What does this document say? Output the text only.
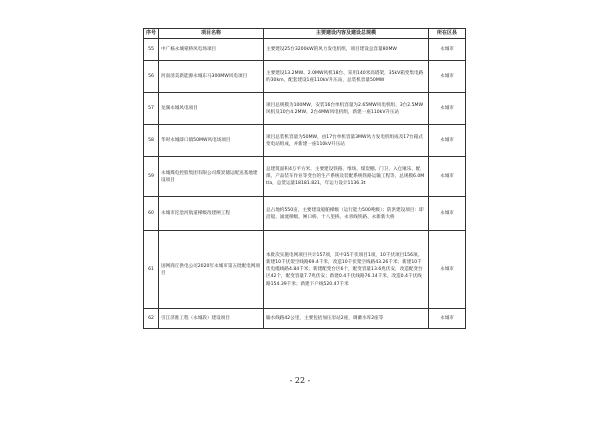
序号	项目名称	主要建设内容及建设总规模	所在区县
55	中广核永城蒙桥风电场项目	主要建设25台3200kW的风力发电机组，项目建设总容量80MW	永城市
56	河南清美新能源永城东马300MW风电项目	主要建设13.2MW、2.0MW风机18台、采用140米高塔架，35kV箱变集电路约30km，配套建设1座110kV升压站，总装机容量50MW	永城市
57	龙湖永城风电项目	项目总规模为100MW，安装16台单机容量为2.65MW风电机组、3台2.5MW风机及10台4.2MW、2台4MW风电机组，新建一座110kV升压站	永城市
58	华时永城薛口镇50MW风电场项目	项目总装机容量为50MW，由17台单机容量3MW风力发电机组成及17台箱式变电站组成，并新建一座110kV升压站	永城市
59	永城煤电控股集团有限公司煤炭储运配送基地建设项目	总建筑面积4万平方米，主要建设铁路、堆场、煤炭棚、门卫、入仓锤乐、配煤、产品装车作业等变台的生产系统及装配系统铁路运输工程等，总规模6.0Mt/a，总货运量18181.821，年运力设计1136.3t	永城市
60	永城市沱浍河航道梯级改建闸工程	总占地约550亩，主要建设船舶梯级（运行能力500吨级）；防洪建设项目：即沿船、涌流梯级、闸口桥、十八里桥、永青线铁路、永新新大桥	永城市
61	国网商丘供电公司2020年永城市第五批配电网项目	本批次实施电网项目共计157项，其中35千伏项目1项，10千伏项目156项。新建10千伏架空线路69.4千米，改造10千伏架空线路43.26千米；新建10千伏电缆线路4.84千米；新建配变台区6个，配变容量13.6兆伏安，改造配变台区42个，配变容量7.7兆伏安；新建0.4千伏线路76.14千米，改造0.4千伏线路154.39千米；新建下户线520.47千米	永城市
62	引江济淮工程（永城段）建设项目	输水线路42公里，主要包括加压泵站2座，调蓄水库2座等	永城市
- 22 -
